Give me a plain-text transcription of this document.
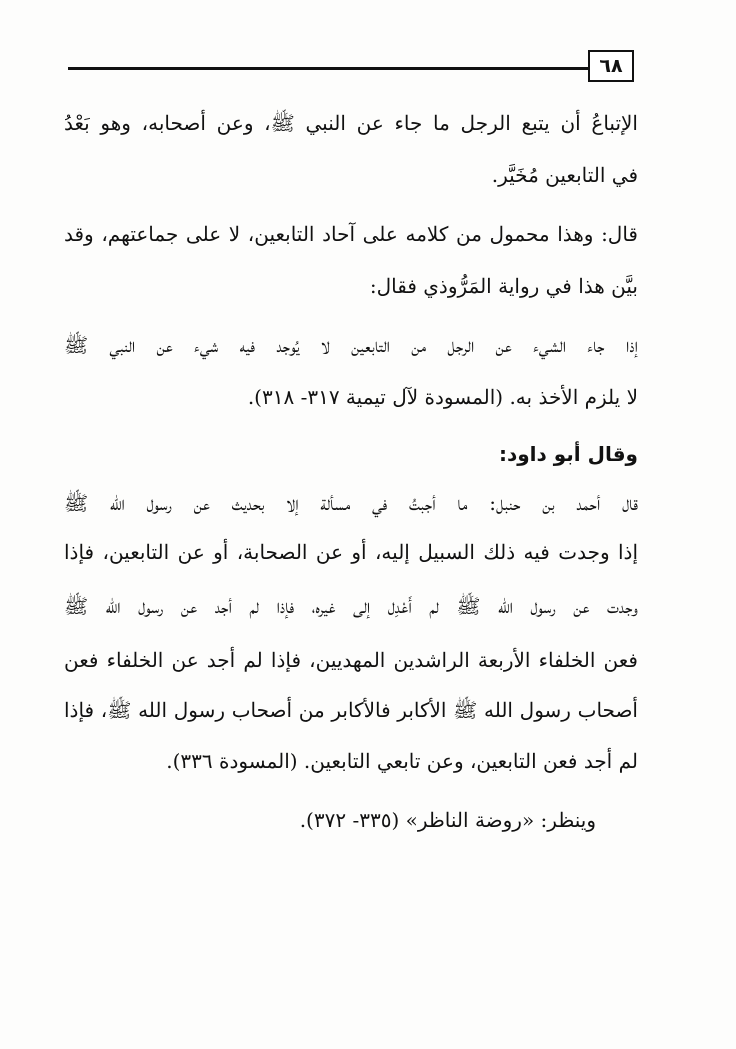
٦٨
الإتباعُ أن يتبع الرجل ما جاء عن النبي ﷺ، وعن أصحابه، وهو بَعْدُ
في التابعين مُخَيَّر.
قال: وهذا محمول من كلامه على آحاد التابعين، لا على جماعتهم، وقد
بيَّن هذا في رواية المَرُّوذي فقال:
إذا جاء الشيء عن الرجل من التابعين لا يُوجد فيه شيء عن النبي ﷺ
لا يلزم الأخذ به. (المسودة لآل تيمية ٣١٧- ٣١٨).
وقال أبو داود:
قال أحمد بن حنبل: ما أجبتُ في مسألة إلا بحديث عن رسول الله ﷺ
إذا وجدت فيه ذلك السبيل إليه، أو عن الصحابة، أو عن التابعين، فإذا
وجدت عن رسول الله ﷺ لم أَعْدِل إلى غيره، فإذا لم أجد عن رسول الله ﷺ
فعن الخلفاء الأربعة الراشدين المهديين، فإذا لم أجد عن الخلفاء فعن
أصحاب رسول الله ﷺ الأكابر فالأكابر من أصحاب رسول الله ﷺ، فإذا
لم أجد فعن التابعين، وعن تابعي التابعين. (المسودة ٣٣٦).
وينظر: «روضة الناظر» (٣٣٥- ٣٧٢).
